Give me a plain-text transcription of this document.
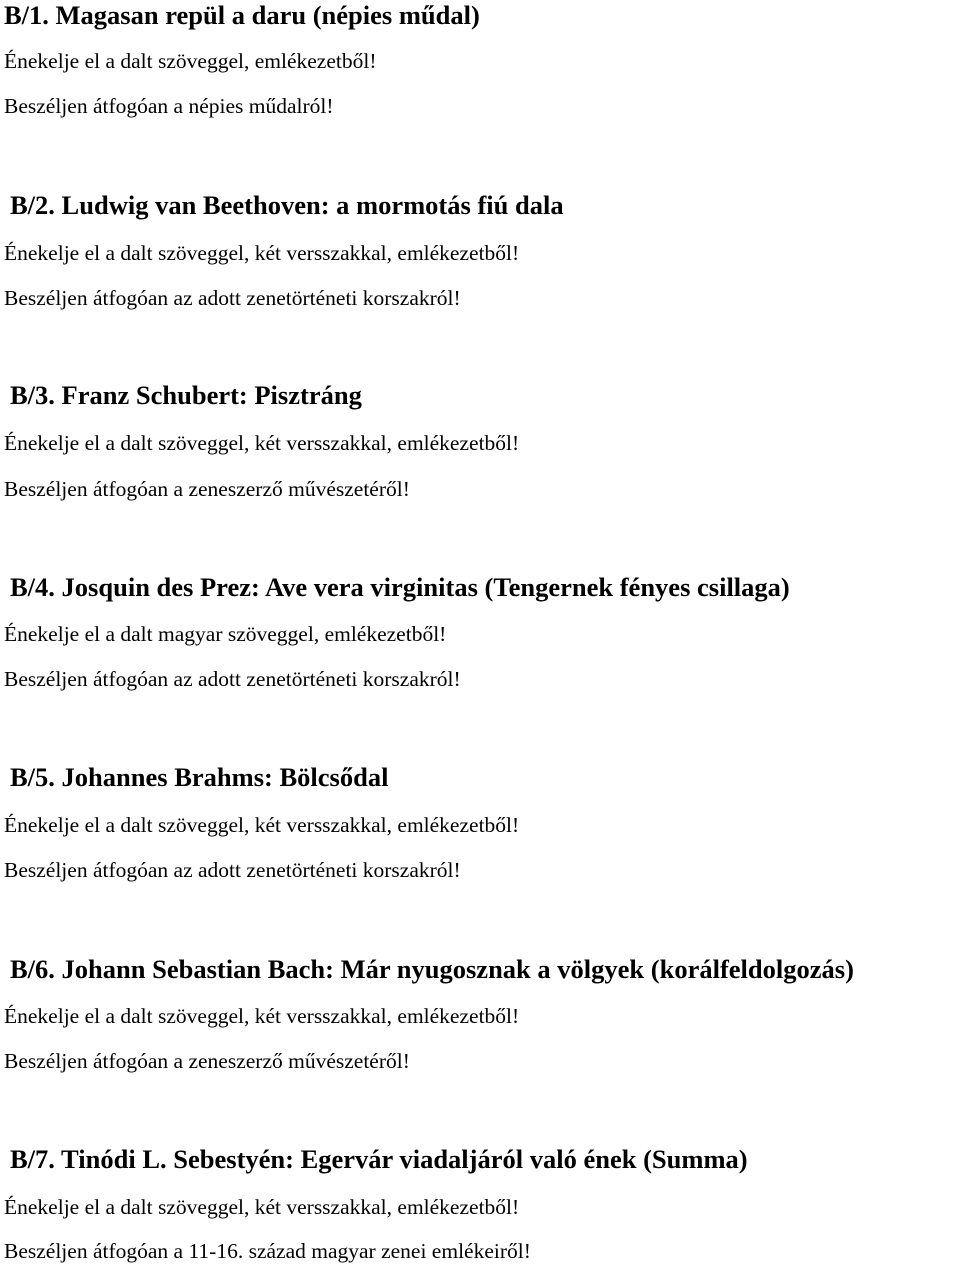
B/1. Magasan repül a daru (népies műdal)
Énekelje el a dalt szöveggel, emlékezetből!
Beszéljen átfogóan a népies műdalról!
B/2. Ludwig van Beethoven: a mormotás fiú dala
Énekelje el a dalt szöveggel, két versszakkal, emlékezetből!
Beszéljen átfogóan az adott zenetörténeti korszakról!
B/3. Franz Schubert: Pisztráng
Énekelje el a dalt szöveggel, két versszakkal, emlékezetből!
Beszéljen átfogóan a zeneszerző művészetéről!
B/4. Josquin des Prez: Ave vera virginitas (Tengernek fényes csillaga)
Énekelje el a dalt magyar szöveggel, emlékezetből!
Beszéljen átfogóan az adott zenetörténeti korszakról!
B/5. Johannes Brahms: Bölcsődal
Énekelje el a dalt szöveggel, két versszakkal, emlékezetből!
Beszéljen átfogóan az adott zenetörténeti korszakról!
B/6. Johann Sebastian Bach: Már nyugosznak a völgyek (korálfeldolgozás)
Énekelje el a dalt szöveggel, két versszakkal, emlékezetből!
Beszéljen átfogóan a zeneszerző művészetéről!
B/7. Tinódi L. Sebestyén: Egervár viadaljáról való ének (Summa)
Énekelje el a dalt szöveggel, két versszakkal, emlékezetből!
Beszéljen átfogóan a 11-16. század magyar zenei emlékeiről!
